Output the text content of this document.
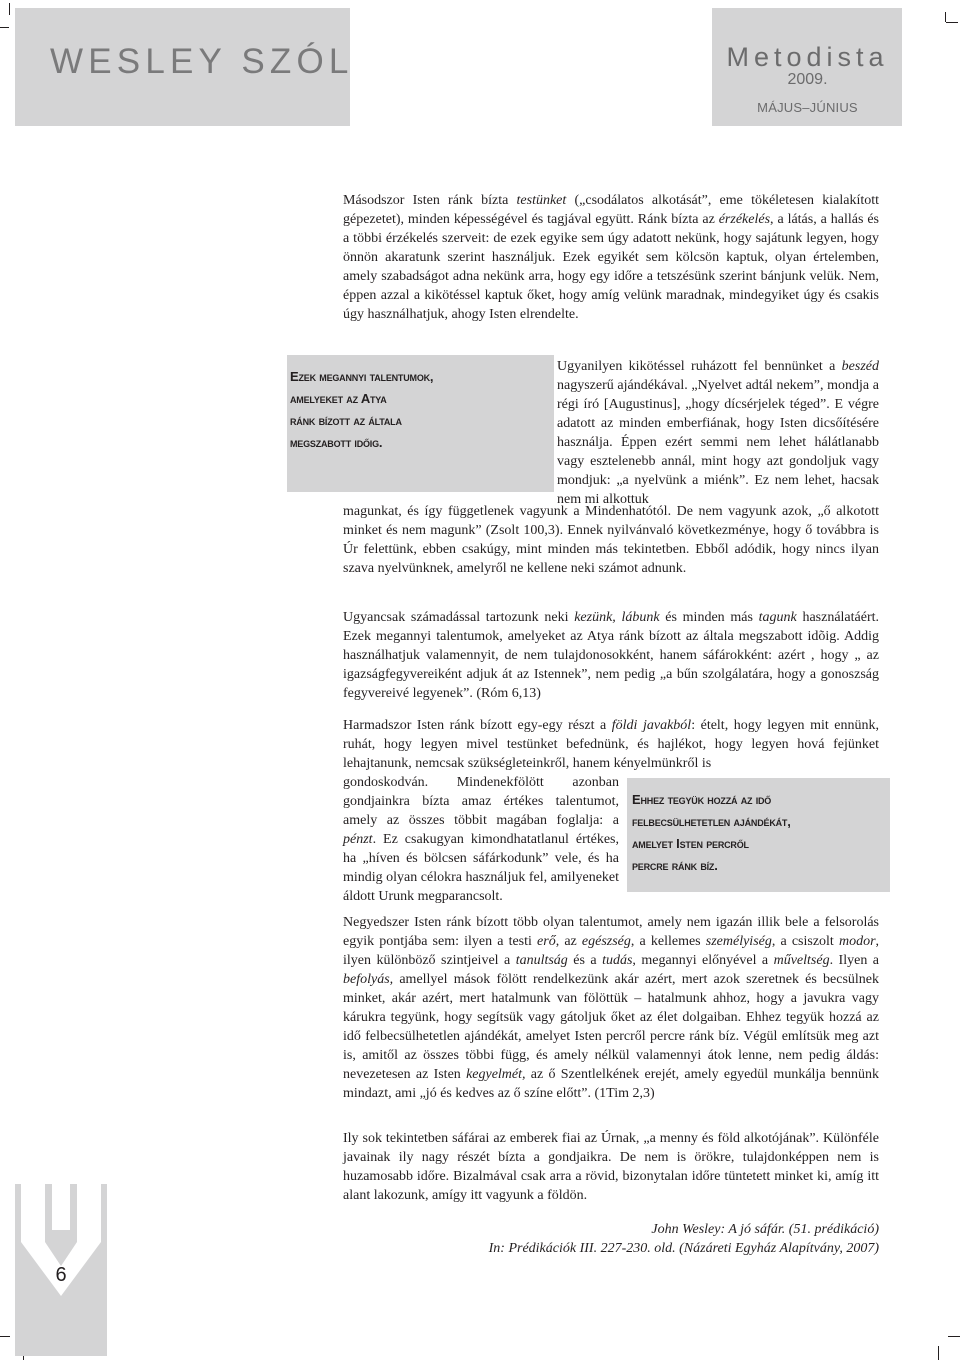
WESLEY SZÓL	Metodista
2009.
MÁJUS–JÚNIUS

Másodszor Isten ránk bízta testünket („csodálatos alkotását”, eme tökéletesen kialakított gépezetet), minden képességével és tagjával együtt. Ránk bízta az érzékelés, a látás, a hallás és a többi érzékelés szerveit: de ezek egyike sem úgy adatott nekünk, hogy sajátunk legyen, hogy önnön akaratunk szerint használjuk. Ezek egyikét sem kölcsön kaptuk, olyan értelemben, amely szabadságot adna nekünk arra, hogy egy időre a tetszésünk szerint bánjunk velük. Nem, éppen azzal a kikötéssel kaptuk őket, hogy amíg velünk maradnak, mindegyiket úgy és csakis úgy használhatjuk, ahogy Isten elrendelte.

Ezek megannyi talentumok,
amelyeket az Atya
ránk bízott az általa
megszabott időig.

Ugyanilyen kikötéssel ruházott fel bennünket a beszéd nagyszerű ajándékával. „Nyelvet adtál nekem”, mondja a régi író [Augustinus], „hogy dícsérjelek téged”. E végre adatott az minden emberfiának, hogy Isten dicsőítésére használja. Éppen ezért semmi nem lehet hálátlanabb vagy esztelenebb annál, mint hogy azt gondoljuk vagy mondjuk: „a nyelvünk a miénk”. Ez nem lehet, hacsak nem mi alkottuk

magunkat, és így függetlenek vagyunk a Mindenhatótól. De nem vagyunk azok, „ő alkotott minket és nem magunk” (Zsolt 100,3). Ennek nyilvánvaló következménye, hogy ő továbbra is Úr felettünk, ebben csakúgy, mint minden más tekintetben. Ebből adódik, hogy nincs ilyan szava nyelvünknek, amelyről ne kellene neki számot adnunk.

Ugyancsak számadással tartozunk neki kezünk, lábunk és minden más tagunk használatáért. Ezek megannyi talentumok, amelyeket az Atya ránk bízott az általa megszabott idõig. Addig használhatjuk valamennyit, de nem tulajdonosokként, hanem sáfárokként: azért , hogy „ az igazságfegyvereiként adjuk át az Istennek”, nem pedig „a bűn szolgálatára, hogy a gonoszság fegyvereivé legyenek”. (Róm 6,13)

Harmadszor Isten ránk bízott egy-egy részt a földi javakból: ételt, hogy legyen mit ennünk, ruhát, hogy legyen mivel testünket befednünk, és hajlékot, hogy legyen hová fejünket lehajtanunk, nemcsak szükségleteinkről, hanem kényelmünkről is

gondoskodván. Mindenekfölött azonban gondjainkra bízta amaz értékes talentumot, amely az összes többit magában foglalja: a pénzt. Ez csakugyan kimondhatatlanul értékes, ha „híven és bölcsen sáfárkodunk” vele, és ha mindig olyan célokra használjuk fel, amilyeneket áldott Urunk megparancsolt.

Ehhez tegyük hozzá az idő
felbecsülhetetlen ajándékát,
amelyet Isten percről
percre ránk bíz.

Negyedszer Isten ránk bízott több olyan talentumot, amely nem igazán illik bele a felsorolás egyik pontjába sem: ilyen a testi erő, az egészség, a kellemes személyiség, a csiszolt modor, ilyen különböző szintjeivel a tanultság és a tudás, megannyi előnyével a műveltség. Ilyen a befolyás, amellyel mások fölött rendelkezünk akár azért, mert azok szeretnek és becsülnek minket, akár azért, mert hatalmunk van fölöttük – hatalmunk ahhoz, hogy a javukra vagy kárukra tegyünk, hogy segítsük vagy gátoljuk őket az élet dolgaiban. Ehhez tegyük hozzá az idő felbecsülhetetlen ajándékát, amelyet Isten percről percre ránk bíz. Végül említsük meg azt is, amitől az összes többi függ, és amely nélkül valamennyi átok lenne, nem pedig áldás: nevezetesen az Isten kegyelmét, az ő Szentlelkének erejét, amely egyedül munkálja bennünk mindazt, ami „jó és kedves az ő színe előtt”. (1Tim 2,3)

Ily sok tekintetben sáfárai az emberek fiai az Úrnak, „a menny és föld alkotójának”. Különféle javainak ily nagy részét bízta a gondjaikra. De nem is örökre, tulajdonképpen nem is huzamosabb időre. Bizalmával csak arra a rövid, bizonytalan időre tüntetett minket ki, amíg itt alant lakozunk, amígy itt vagyunk a földön.

John Wesley: A jó sáfár. (51. prédikáció)
In: Prédikációk III. 227-230. old. (Názáreti Egyház Alapítvány, 2007)
6
